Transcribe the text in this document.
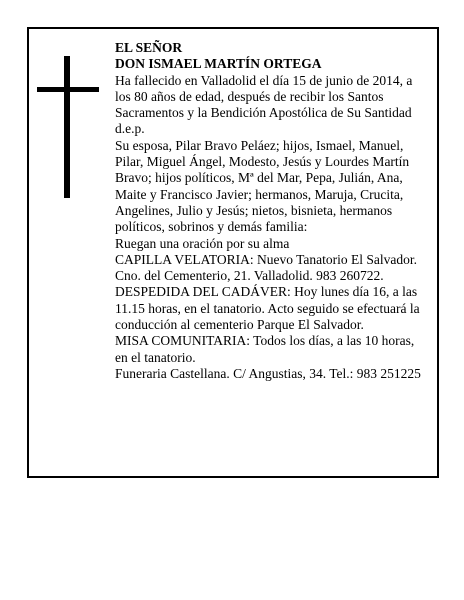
EL SEÑOR

DON ISMAEL MARTÍN ORTEGA

Ha fallecido en Valladolid el día 15 de junio de 2014, a los 80 años de edad, después de recibir los Santos Sacramentos y la Bendición Apostólica de Su Santidad d.e.p.

Su esposa, Pilar Bravo Peláez; hijos, Ismael, Manuel, Pilar, Miguel Ángel, Modesto, Jesús y Lourdes Martín Bravo; hijos políticos, Mª del Mar, Pepa, Julián, Ana, Maite y Francisco Javier; hermanos, Maruja, Crucita, Angelines, Julio y Jesús; nietos, bisnieta, hermanos políticos, sobrinos y demás familia:

Ruegan una oración por su alma

CAPILLA VELATORIA: Nuevo Tanatorio El Salvador. Cno. del Cementerio, 21. Valladolid. 983 260722.

DESPEDIDA DEL CADÁVER: Hoy lunes día 16, a las 11.15 horas, en el tanatorio. Acto seguido se efectuará la conducción al cementerio Parque El Salvador.

MISA COMUNITARIA: Todos los días, a las 10 horas, en el tanatorio.

Funeraria Castellana. C/ Angustias, 34. Tel.: 983 251225
